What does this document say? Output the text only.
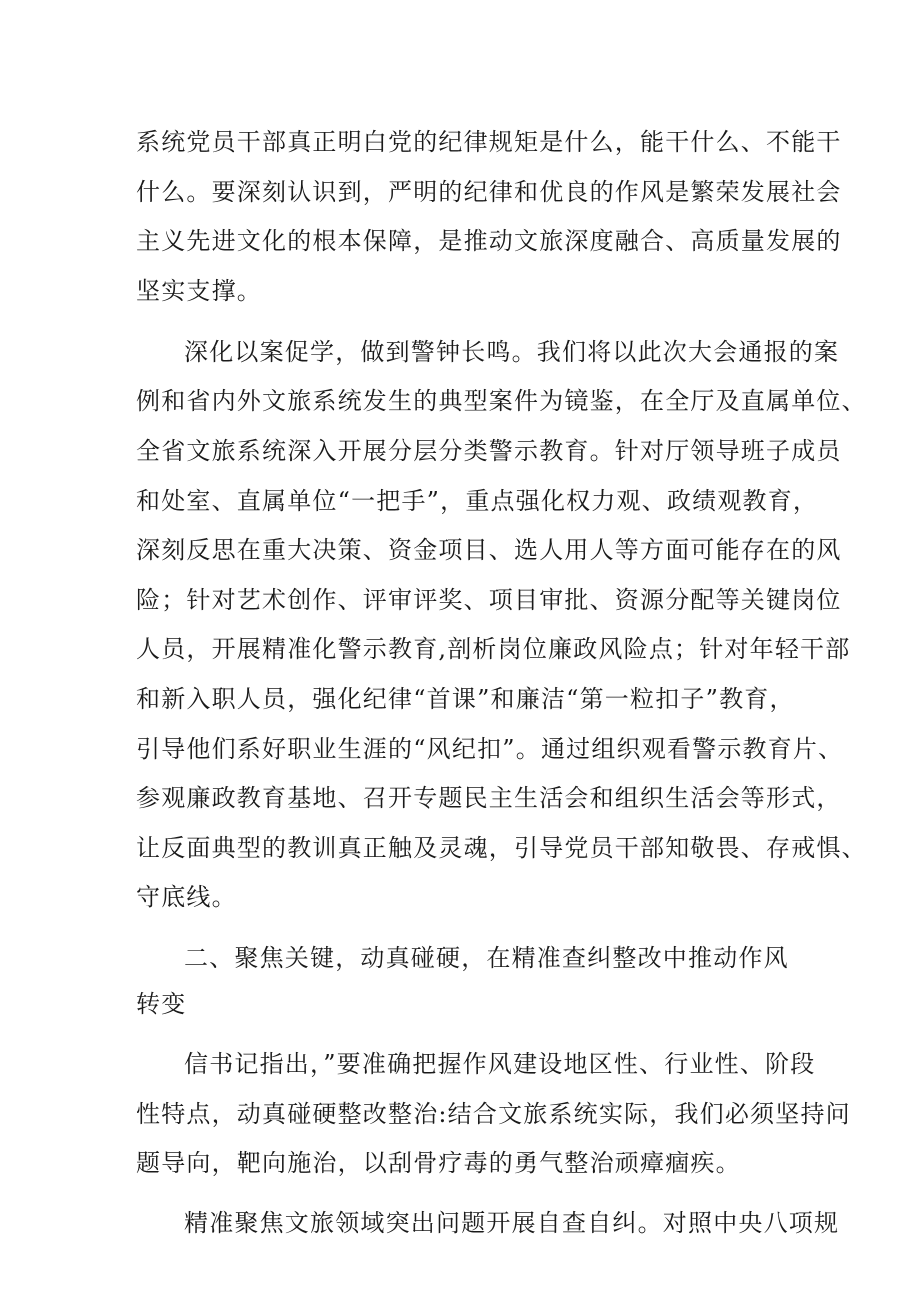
系统党员干部真正明白党的纪律规矩是什么，能干什么、不能干
什么。要深刻认识到，严明的纪律和优良的作风是繁荣发展社会
主义先进文化的根本保障，是推动文旅深度融合、高质量发展的
坚实支撑。
深化以案促学，做到警钟长鸣。我们将以此次大会通报的案
例和省内外文旅系统发生的典型案件为镜鉴，在全厅及直属单位、
全省文旅系统深入开展分层分类警示教育。针对厅领导班子成员
和处室、直属单位“一把手”，重点强化权力观、政绩观教育，
深刻反思在重大决策、资金项目、选人用人等方面可能存在的风
险；针对艺术创作、评审评奖、项目审批、资源分配等关键岗位
人员，开展精准化警示教育,剖析岗位廉政风险点；针对年轻干部
和新入职人员，强化纪律“首课”和廉洁“第一粒扣子”教育，
引导他们系好职业生涯的“风纪扣”。通过组织观看警示教育片、
参观廉政教育基地、召开专题民主生活会和组织生活会等形式，
让反面典型的教训真正触及灵魂，引导党员干部知敬畏、存戒惧、
守底线。
二、聚焦关键，动真碰硬，在精准查纠整改中推动作风
转变
信书记指出，”要准确把握作风建设地区性、行业性、阶段
性特点，动真碰硬整改整治:结合文旅系统实际，我们必须坚持问
题导向，靶向施治，以刮骨疗毒的勇气整治顽瘴痼疾。
精准聚焦文旅领域突出问题开展自查自纠。对照中央八项规
